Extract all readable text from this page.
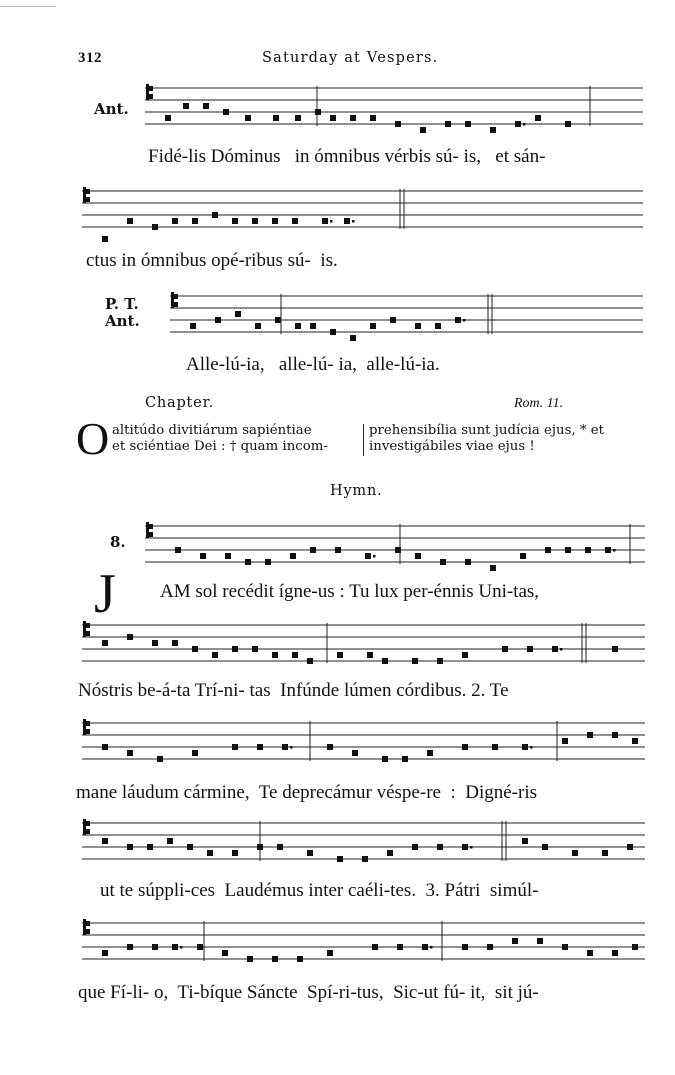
312	Saturday at Vespers.
Ant.
Fidé-lis Dóminus   in ómnibus vérbis sú- is,   et sán-
ctus in ómnibus opé-ribus sú-  is.
P. T.
Ant.
Alle-lú-ia,   alle-lú- ia,  alle-lú-ia.
Chapter.	Rom. 11.
O altitúdo divitiárum sapiéntiae
et sciéntiae Dei : † quam incom-
prehensibília sunt judícia ejus, * et
investigábiles viae ejus !
Hymn.
8.
J AM sol recédit ígne-us : Tu lux per-énnis Uni-tas,
Nóstris be-á-ta Trí-ni- tas  Infúnde lúmen córdibus. 2. Te
mane láudum cármine,  Te deprecámur véspe-re  :  Digné-ris
ut te súppli-ces  Laudémus inter caéli-tes.  3. Pátri  simúl-
que Fí-li- o,  Ti-bíque Sáncte  Spí-ri-tus,  Sic-ut fú- it,  sit jú-
